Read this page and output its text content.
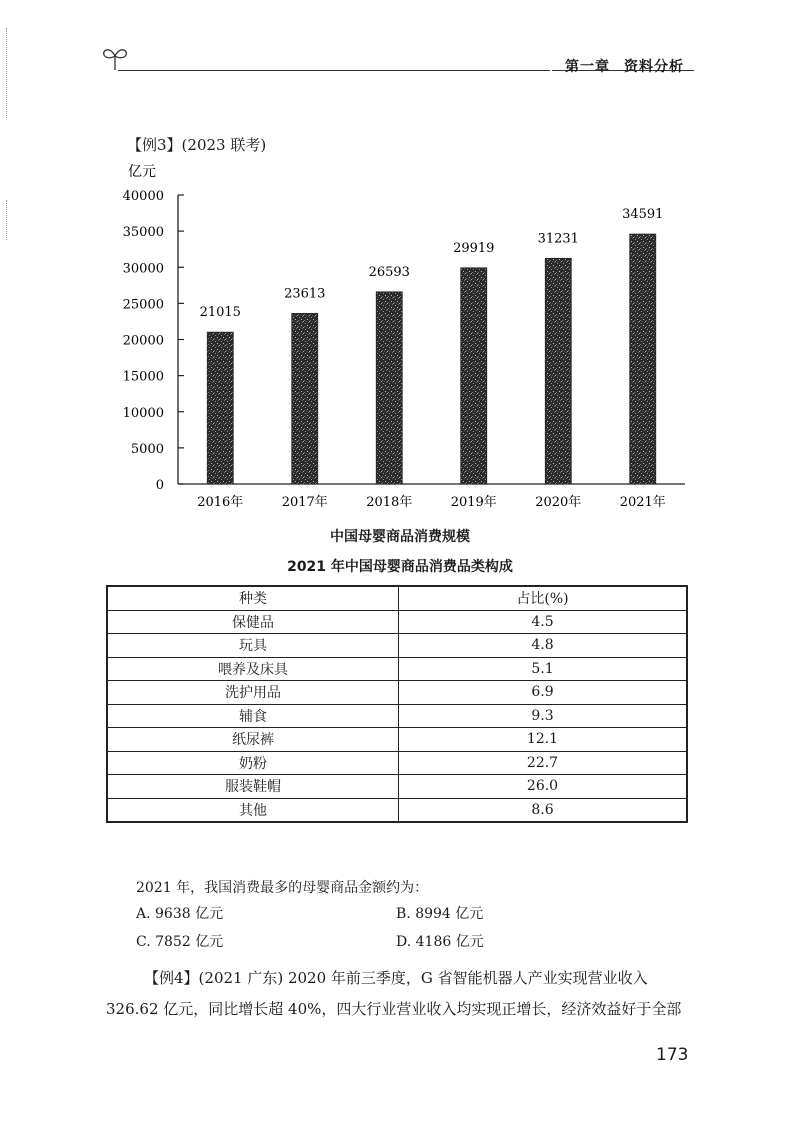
第一章 资料分析
【例3】(2023 联考)
亿元
0
5000
10000
15000
20000
25000
30000
35000
40000
2016年	2017年	2018年	2019年	2020年	2021年
21015
23613
26593
29919
31231
34591
中国母婴商品消费规模
2021 年中国母婴商品消费品类构成
种类	占比(%)
保健品	4.5
玩具	4.8
喂养及床具	5.1
洗护用品	6.9
辅食	9.3
纸尿裤	12.1
奶粉	22.7
服装鞋帽	26.0
其他	8.6
2021 年，我国消费最多的母婴商品金额约为：
A. 9638 亿元	B. 8994 亿元
C. 7852 亿元	D. 4186 亿元
【例4】(2021 广东) 2020 年前三季度，G 省智能机器人产业实现营业收入
326.62 亿元，同比增长超 40%，四大行业营业收入均实现正增长，经济效益好于全部
173
